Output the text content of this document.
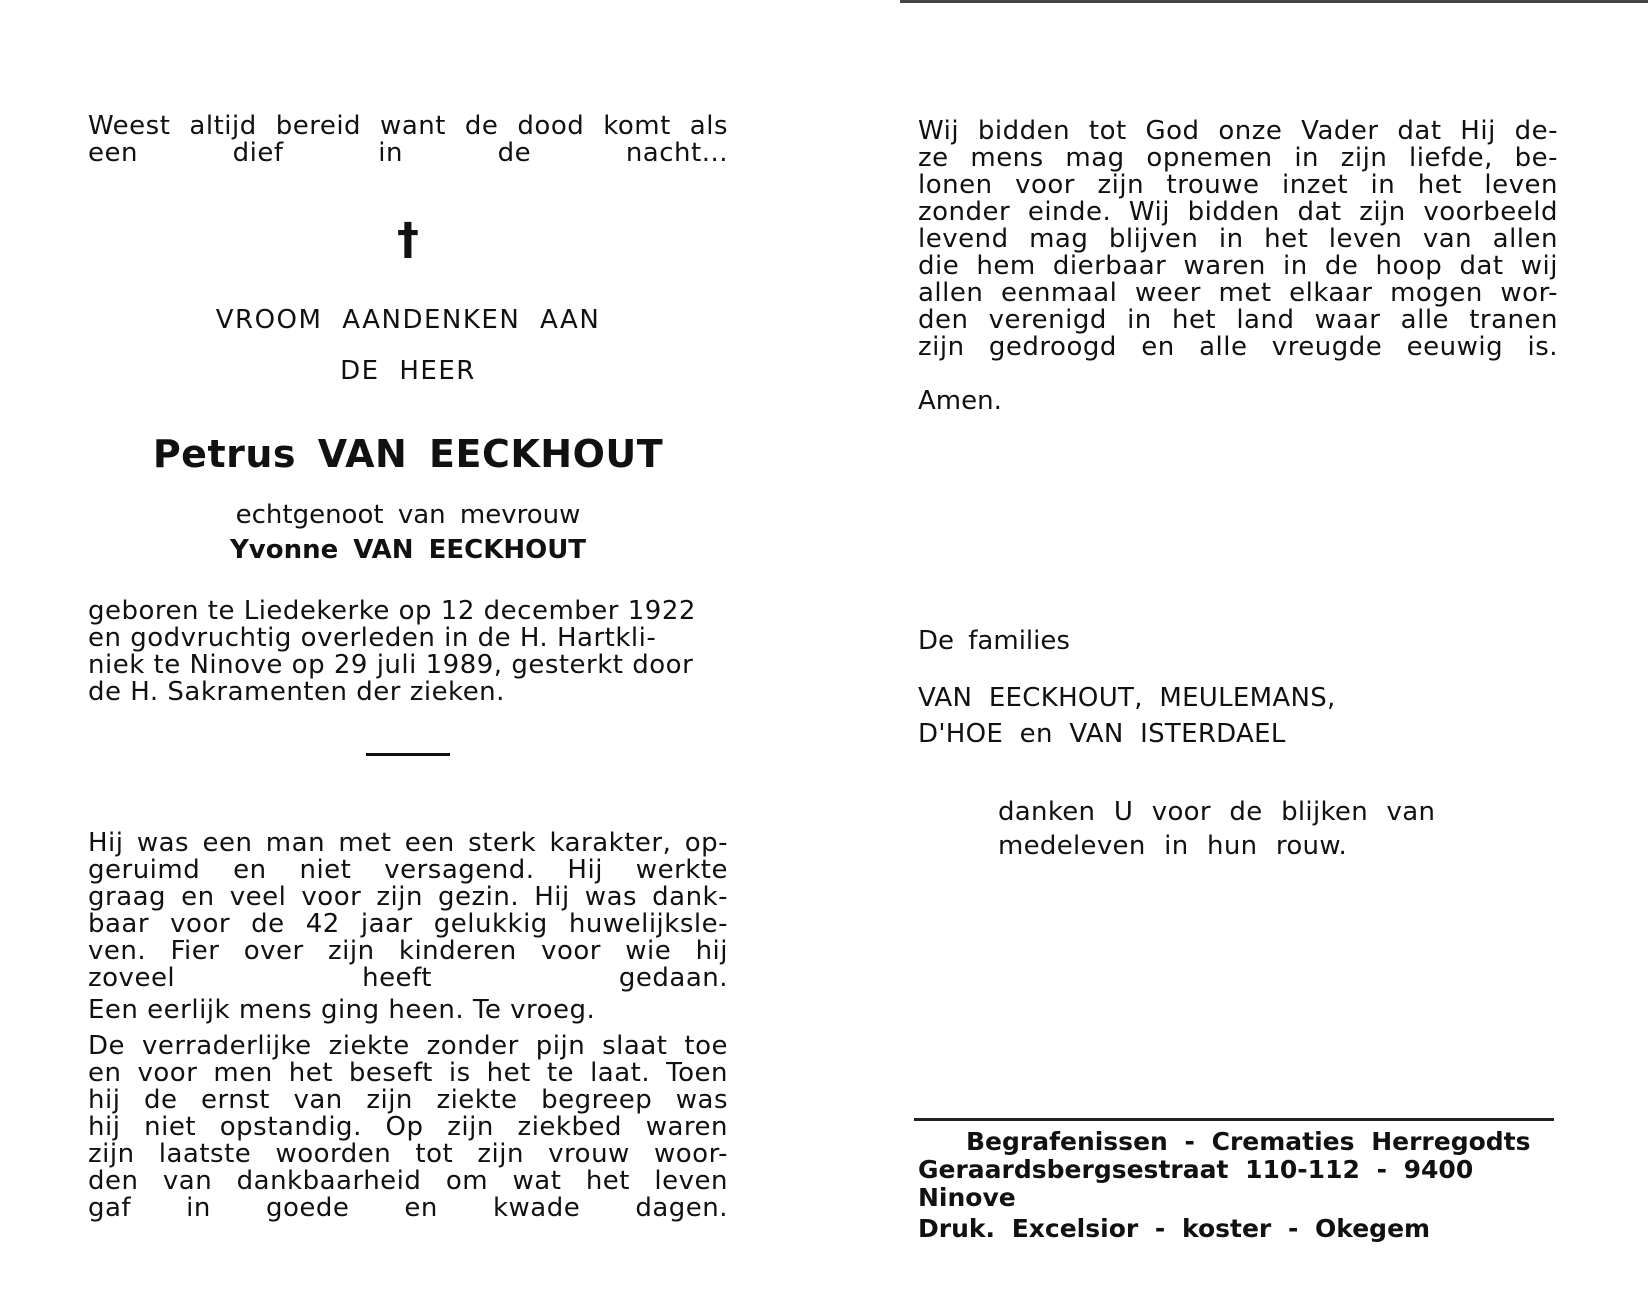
Weest altijd bereid want de dood komt als
een dief in de nacht...

†
VROOM AANDENKEN AAN
DE HEER
Petrus VAN EECKHOUT
echtgenoot van mevrouw
Yvonne VAN EECKHOUT

geboren te Liedekerke op 12 december 1922
en godvruchtig overleden in de H. Hartkli-
niek te Ninove op 29 juli 1989, gesterkt door
de H. Sakramenten der zieken.

Hij was een man met een sterk karakter, op-
geruimd en niet versagend. Hij werkte
graag en veel voor zijn gezin. Hij was dank-
baar voor de 42 jaar gelukkig huwelijksle-
ven. Fier over zijn kinderen voor wie hij
zoveel heeft gedaan.

Een eerlijk mens ging heen. Te vroeg.

De verraderlijke ziekte zonder pijn slaat toe
en voor men het beseft is het te laat. Toen
hij de ernst van zijn ziekte begreep was
hij niet opstandig. Op zijn ziekbed waren
zijn laatste woorden tot zijn vrouw woor-
den van dankbaarheid om wat het leven
gaf in goede en kwade dagen.

Wij bidden tot God onze Vader dat Hij de-
ze mens mag opnemen in zijn liefde, be-
lonen voor zijn trouwe inzet in het leven
zonder einde. Wij bidden dat zijn voorbeeld
levend mag blijven in het leven van allen
die hem dierbaar waren in de hoop dat wij
allen eenmaal weer met elkaar mogen wor-
den verenigd in het land waar alle tranen
zijn gedroogd en alle vreugde eeuwig is.

Amen.
De families
VAN EECKHOUT, MEULEMANS,
D'HOE en VAN ISTERDAEL
danken U voor de blijken van
medeleven in hun rouw.
Begrafenissen - Crematies Herregodts
Geraardsbergsestraat 110-112 - 9400 Ninove
Druk. Excelsior - koster - Okegem
